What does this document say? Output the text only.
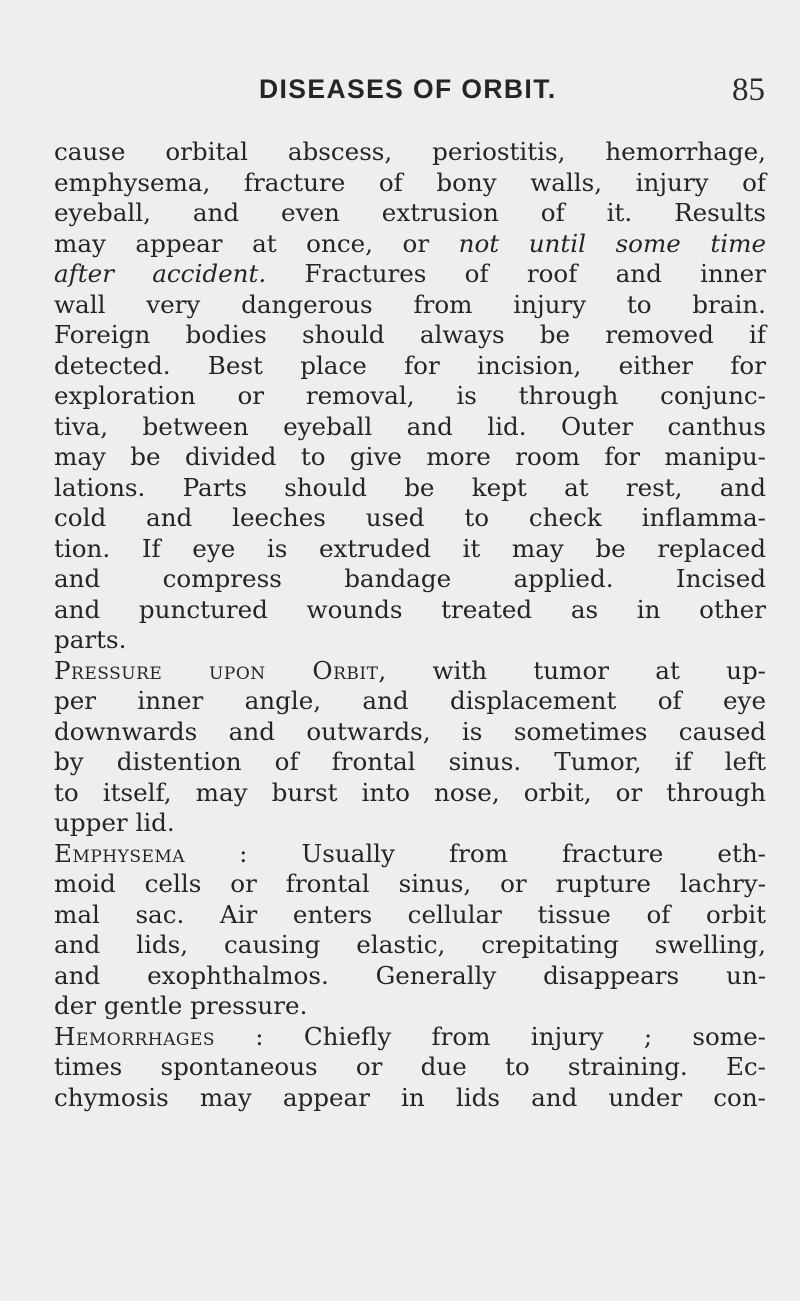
DISEASES OF ORBIT.	85
cause orbital abscess, periostitis, hemorrhage,
emphysema, fracture of bony walls, injury of
eyeball, and even extrusion of it. Results
may appear at once, or not until some time
after accident. Fractures of roof and inner
wall very dangerous from injury to brain.
Foreign bodies should always be removed if
detected. Best place for incision, either for
exploration or removal, is through conjunc-
tiva, between eyeball and lid. Outer canthus
may be divided to give more room for manipu-
lations. Parts should be kept at rest, and
cold and leeches used to check inflamma-
tion. If eye is extruded it may be replaced
and compress bandage applied. Incised
and punctured wounds treated as in other
parts.
Pressure upon Orbit, with tumor at up-
per inner angle, and displacement of eye
downwards and outwards, is sometimes caused
by distention of frontal sinus. Tumor, if left
to itself, may burst into nose, orbit, or through
upper lid.
Emphysema : Usually from fracture eth-
moid cells or frontal sinus, or rupture lachry-
mal sac. Air enters cellular tissue of orbit
and lids, causing elastic, crepitating swelling,
and exophthalmos. Generally disappears un-
der gentle pressure.
Hemorrhages : Chiefly from injury ; some-
times spontaneous or due to straining. Ec-
chymosis may appear in lids and under con-
